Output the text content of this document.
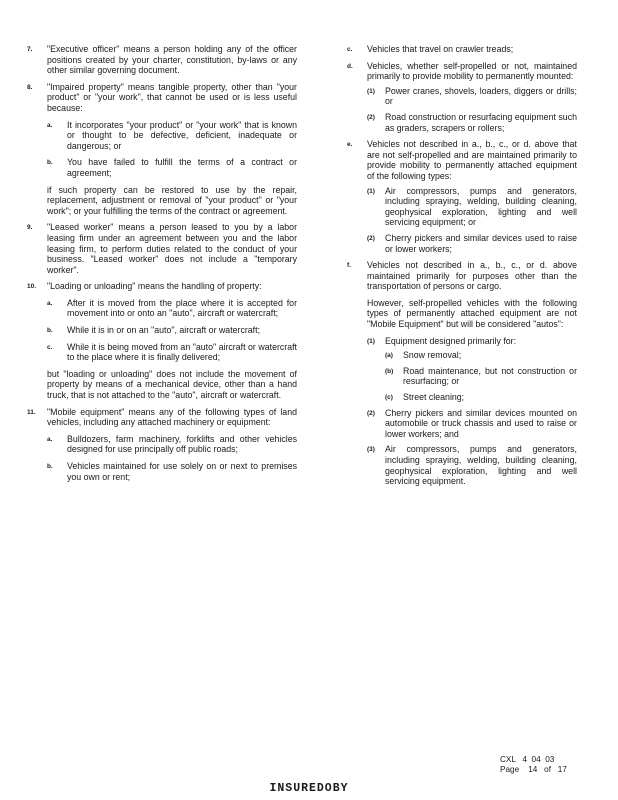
7. "Executive officer" means a person holding any of the officer positions created by your charter, constitution, by-laws or any other similar governing document.
8. "Impaired property" means tangible property, other than "your product" or "your work", that cannot be used or is less useful because:
a. It incorporates "your product" or "your work" that is known or thought to be defective, deficient, inadequate or dangerous; or
b. You have failed to fulfill the terms of a contract or agreement;
if such property can be restored to use by the repair, replacement, adjustment or removal of "your product" or "your work"; or your fulfilling the terms of the contract or agreement.
9. "Leased worker" means a person leased to you by a labor leasing firm under an agreement between you and the labor leasing firm, to perform duties related to the conduct of your business. "Leased worker" does not include a "temporary worker".
10. "Loading or unloading" means the handling of property:
a. After it is moved from the place where it is accepted for movement into or onto an "auto", aircraft or watercraft;
b. While it is in or on an "auto", aircraft or watercraft;
c. While it is being moved from an "auto" aircraft or watercraft to the place where it is finally delivered;
but "loading or unloading" does not include the movement of property by means of a mechanical device, other than a hand truck, that is not attached to the "auto", aircraft or watercraft.
11. "Mobile equipment" means any of the following types of land vehicles, including any attached machinery or equipment:
a. Bulldozers, farm machinery, forklifts and other vehicles designed for use principally off public roads;
b. Vehicles maintained for use solely on or next to premises you own or rent;
c. Vehicles that travel on crawler treads;
d. Vehicles, whether self-propelled or not, maintained primarily to provide mobility to permanently mounted:
(1) Power cranes, shovels, loaders, diggers or drills; or
(2) Road construction or resurfacing equipment such as graders, scrapers or rollers;
e. Vehicles not described in a., b., c., or d. above that are not self-propelled and are maintained primarily to provide mobility to permanently attached equipment of the following types:
(1) Air compressors, pumps and generators, including spraying, welding, building cleaning, geophysical exploration, lighting and well servicing equipment; or
(2) Cherry pickers and similar devices used to raise or lower workers;
f. Vehicles not described in a., b., c., or d. above maintained primarily for purposes other than the transportation of persons or cargo.
However, self-propelled vehicles with the following types of permanently attached equipment are not "Mobile Equipment" but will be considered "autos":
(1) Equipment designed primarily for:
(a) Snow removal;
(b) Road maintenance, but not construction or resurfacing; or
(c) Street cleaning;
(2) Cherry pickers and similar devices mounted on automobile or truck chassis and used to raise or lower workers; and
(3) Air compressors, pumps and generators, including spraying, welding, building cleaning, geophysical exploration, lighting and well servicing equipment.
CXL   4  04  03
Page    14   of   17
INSUREDOBY
